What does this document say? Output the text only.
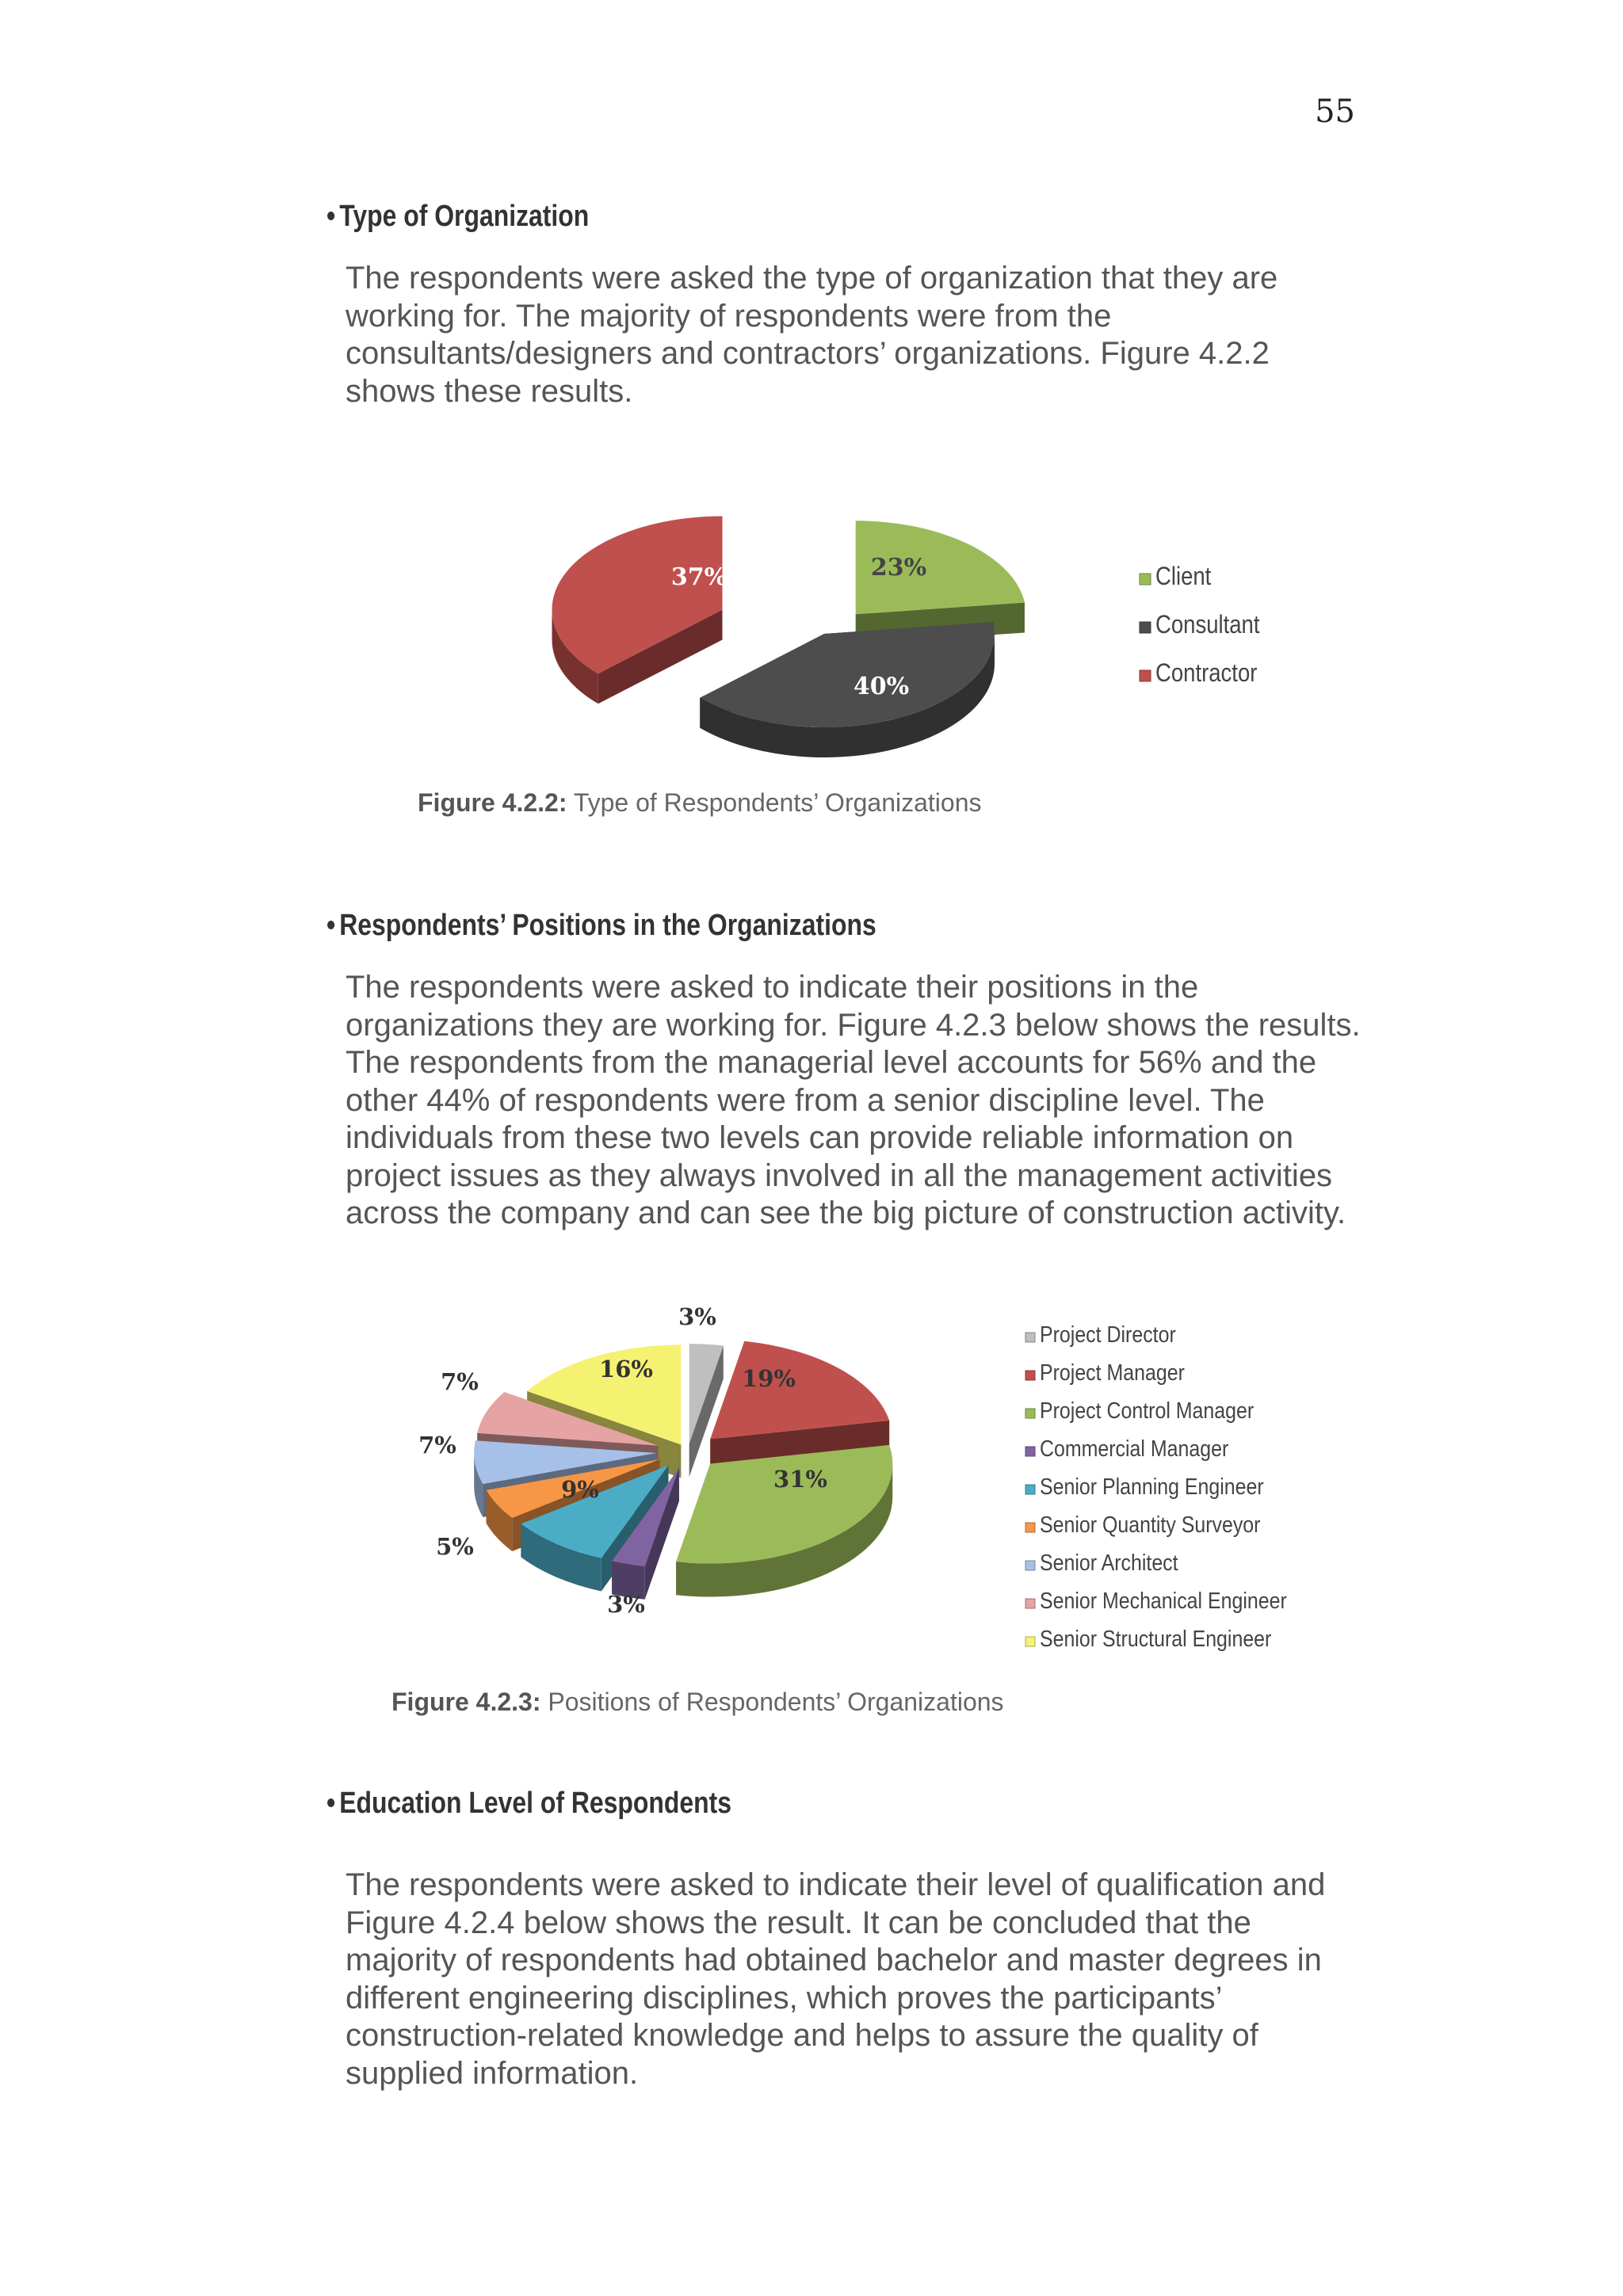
55
• Type of Organization
The respondents were asked the type of organization that they are
working for. The majority of respondents were from the
consultants/designers and contractors’ organizations. Figure 4.2.2
shows these results.
23%
40%
37%	Client
Consultant
Contractor
Figure 4.2.2: Type of Respondents’ Organizations
• Respondents’ Positions in the Organizations
The respondents were asked to indicate their positions in the
organizations they are working for. Figure 4.2.3 below shows the results.
The respondents from the managerial level accounts for 56% and the
other 44% of respondents were from a senior discipline level. The
individuals from these two levels can provide reliable information on
project issues as they always involved in all the management activities
across the company and can see the big picture of construction activity.
3%
19%
31%
3%
9%
5%
7%
7%	16%
Project Director
Project Manager
Project Control Manager
Commercial Manager
Senior Planning Engineer
Senior Quantity Surveyor
Senior Architect
Senior Mechanical Engineer
Senior Structural Engineer
Figure 4.2.3: Positions of Respondents’ Organizations
• Education Level of Respondents
The respondents were asked to indicate their level of qualification and
Figure 4.2.4 below shows the result. It can be concluded that the
majority of respondents had obtained bachelor and master degrees in
different engineering disciplines, which proves the participants’
construction-related knowledge and helps to assure the quality of
supplied information.
